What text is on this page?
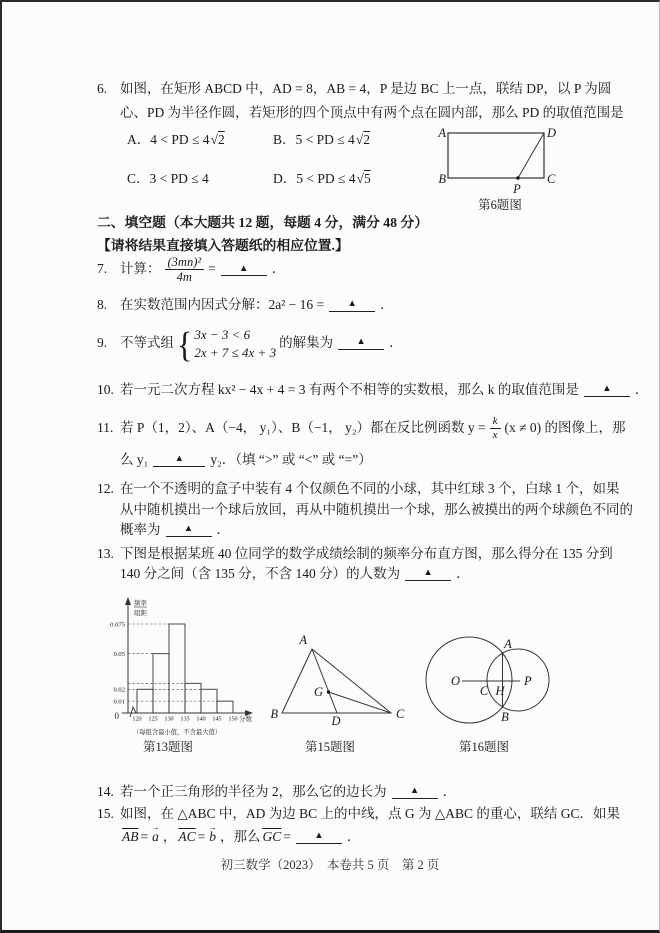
6. 如图，在矩形 ABCD 中，AD = 8，AB = 4，P 是边 BC 上一点，联结 DP，以 P 为圆
心、PD 为半径作圆，若矩形的四个顶点中有两个点在圆内部，那么 PD 的取值范围是
A． 4 < PD ≤ 4 √ 2	B． 5 < PD ≤ 4 √ 2
C． 3 < PD ≤ 4	D． 5 < PD ≤ 4 √ 5
A	D
B	C
P
第6题图
二、填空题（本大题共 12 题，每题 4 分，满分 48 分）
【请将结果直接填入答题纸的相应位置.】
7. 计算： $\frac{\text{(3mn)²}}{4m}$ =	▲	．
8. 在实数范围内因式分解：2a² − 16 =	▲	．
9. 不等式组 { 3x − 3 < 6
2x + 7 ≤ 4x + 3
的解集为	▲	．
10. 若一元二次方程 kx² − 4x + 4 = 3 有两个不相等的实数根，那么 k 的取值范围是	▲	．
11. 若 P（1，2）、A（−4， y₁）、B（−1， y₂）都在反比例函数 $y = \frac{k}{x} (x \ne 0)$ 的图像上，那
么 y₁	▲	y₂．（填 “>” 或 “<” 或 “=”）
12. 在一个不透明的盒子中装有 4 个仅颜色不同的小球，其中红球 3 个，白球 1 个，如果
从中随机摸出一个球后放回，再从中随机摸出一个球，那么被摸出的两个球颜色不同的
概率为	▲	．
13. 下图是根据某班 40 位同学的数学成绩绘制的频率分布直方图，那么得分在 135 分到
140 分之间（含 135 分，不含 140 分）的人数为	▲	．
频率
组距
0	分数
（每组含最小值，不含最大值）
0.01
0.02
0.05
0.075
120 125 130 135 140 145 150
第13题图
A
B	C
D
G
第15题图
A
B
O
C H
P
第16题图
14. 若一个正三角形的半径为 2，那么它的边长为	▲	．
15. 如图，在 △ABC 中，AD 为边 BC 上的中线，点 G 为 △ABC 的重心，联结 GC．如果
$\overline{AB}$ = → a ， $\overline{AC}$ = → b ，那么 $\overline{GC}$ =	▲	．
初三数学（2023）　本卷共 5 页　第 2 页
